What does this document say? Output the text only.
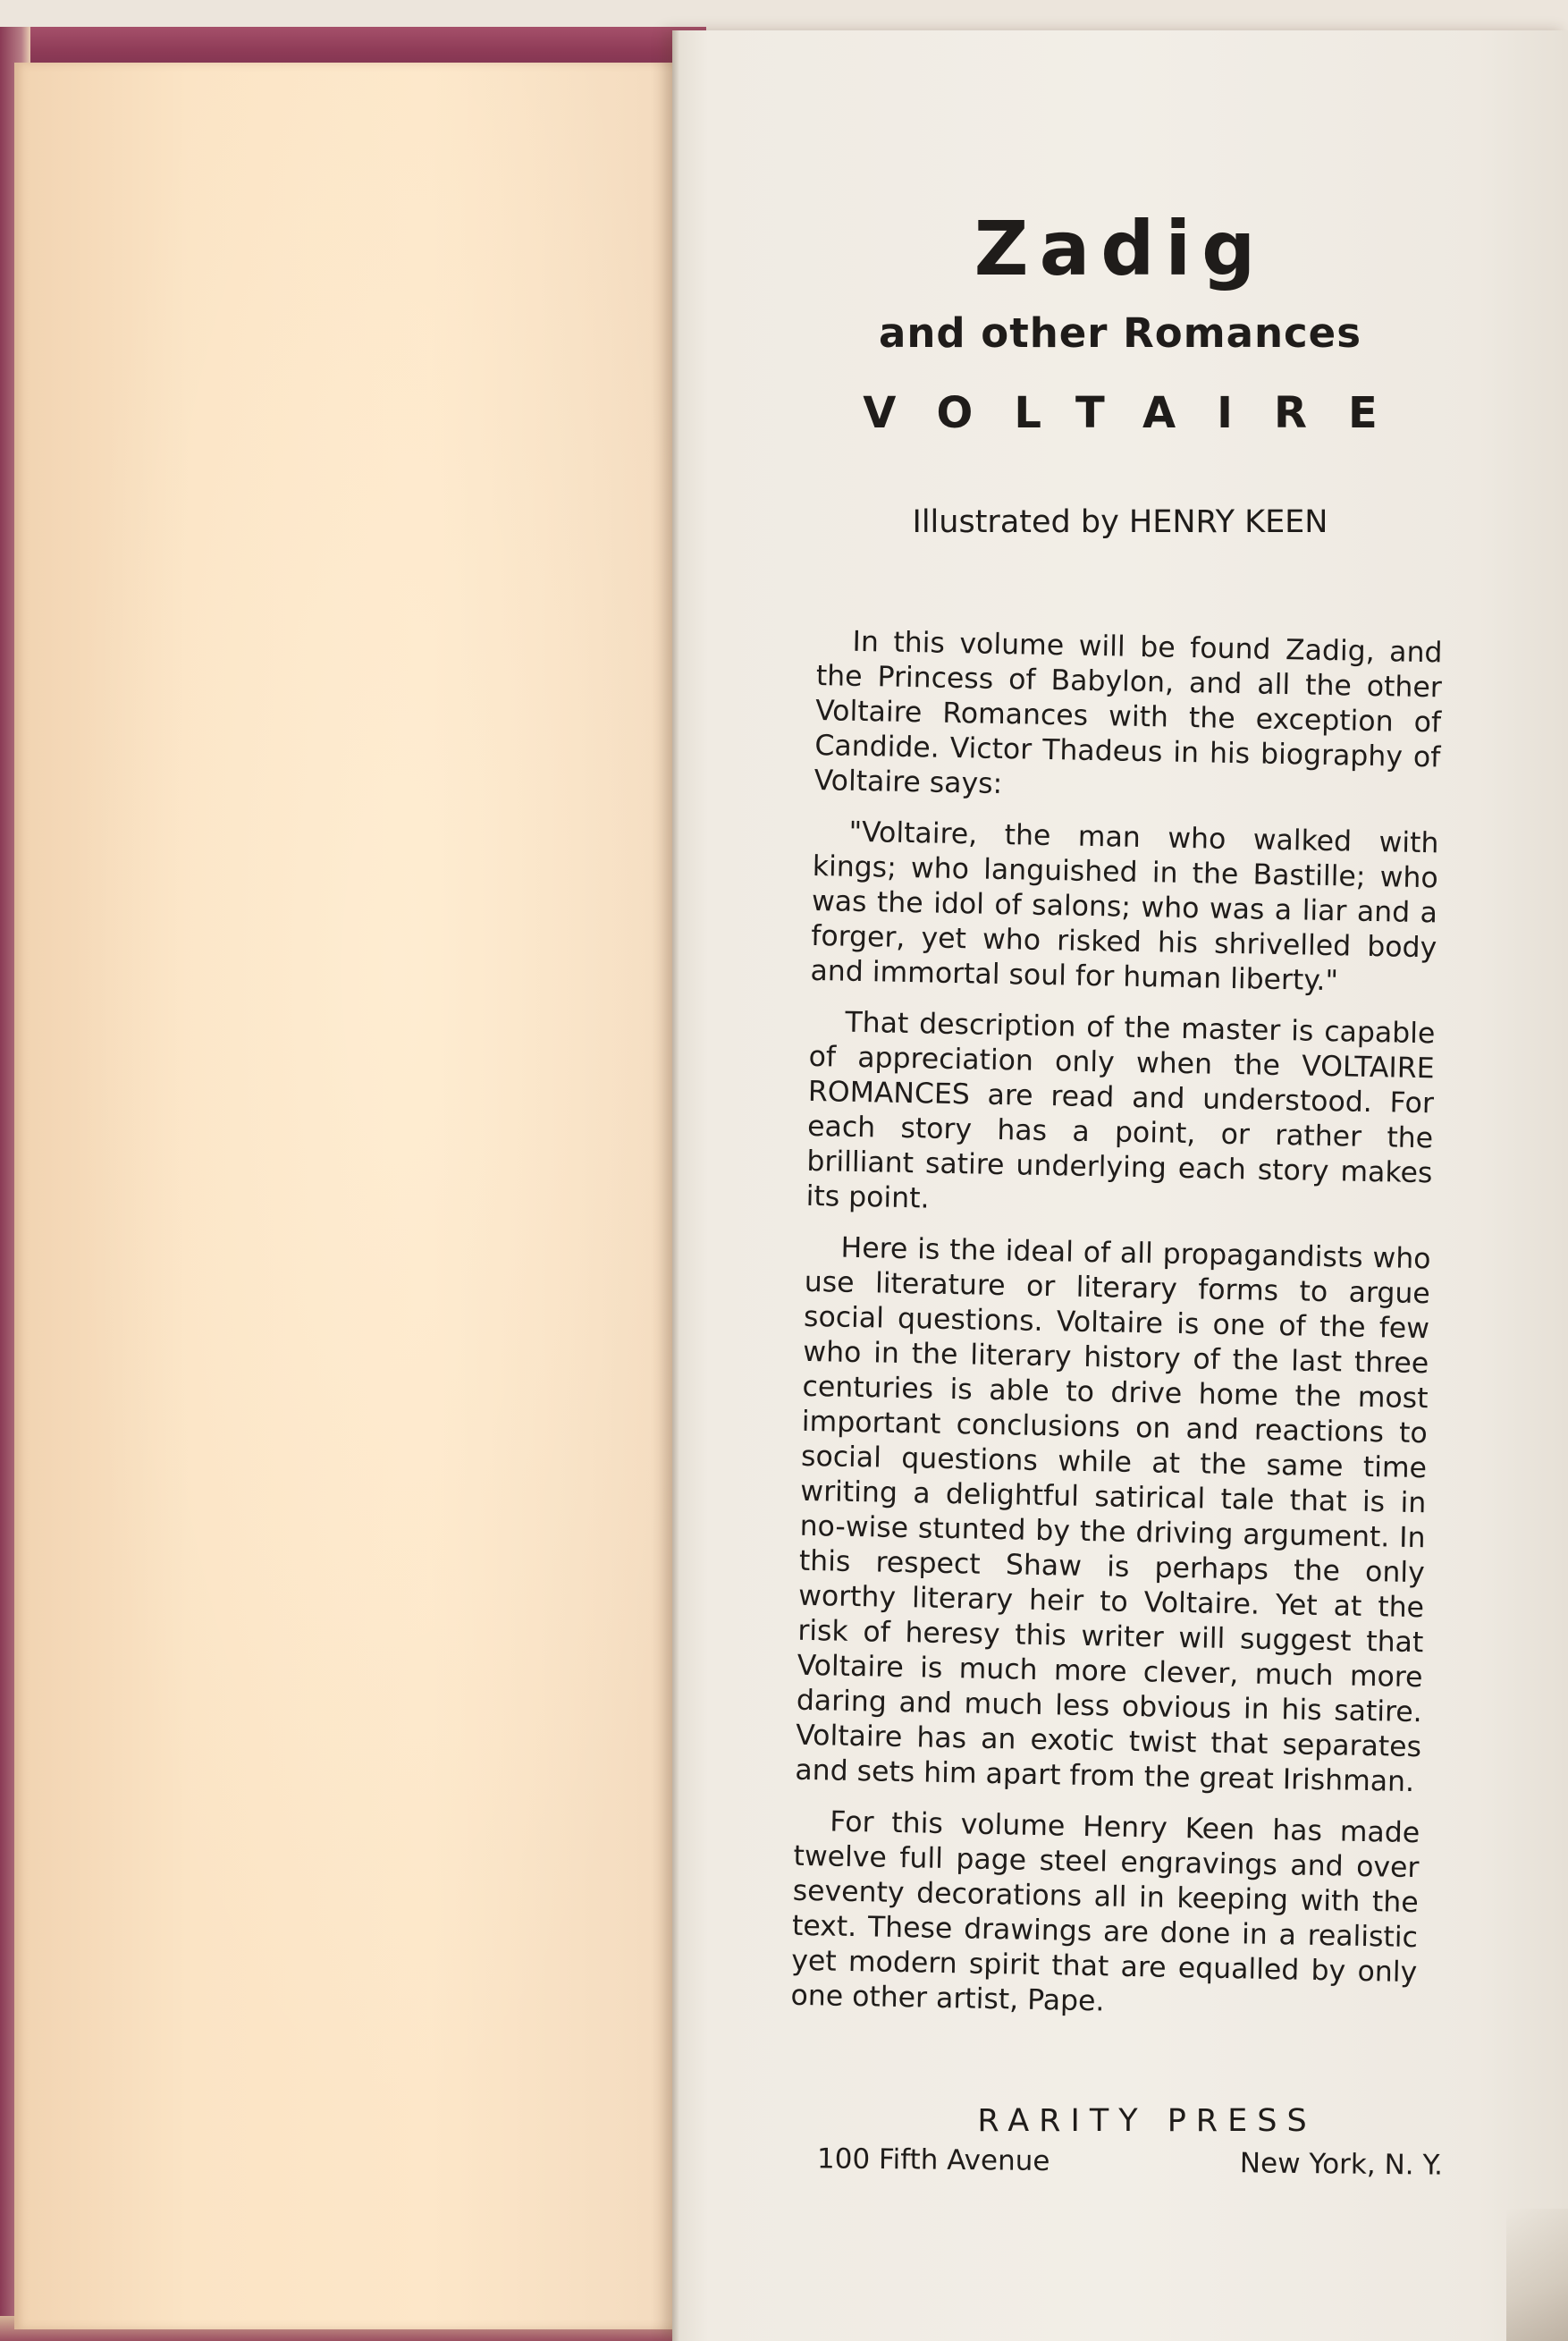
Zadig
and other Romances
VOLTAIRE

Illustrated by HENRY KEEN

In this volume will be found Zadig, and the Princess of Babylon, and all the other Voltaire Romances with the exception of Candide. Victor Thadeus in his biography of Voltaire says:

"Voltaire, the man who walked with kings; who languished in the Bastille; who was the idol of salons; who was a liar and a forger, yet who risked his shrivelled body and immortal soul for human liberty."

That description of the master is capable of appreciation only when the VOLTAIRE ROMANCES are read and understood. For each story has a point, or rather the brilliant satire underlying each story makes its point.

Here is the ideal of all propagandists who use literature or literary forms to argue social questions. Voltaire is one of the few who in the literary history of the last three centuries is able to drive home the most important conclusions on and reactions to social questions while at the same time writing a delightful satirical tale that is in no-wise stunted by the driving argument. In this respect Shaw is perhaps the only worthy literary heir to Voltaire. Yet at the risk of heresy this writer will suggest that Voltaire is much more clever, much more daring and much less obvious in his satire. Voltaire has an exotic twist that separates and sets him apart from the great Irishman.

For this volume Henry Keen has made twelve full page steel engravings and over seventy decorations all in keeping with the text. These drawings are done in a realistic yet modern spirit that are equalled by only one other artist, Pape.

RARITY PRESS

100 Fifth Avenue	New York, N. Y.
